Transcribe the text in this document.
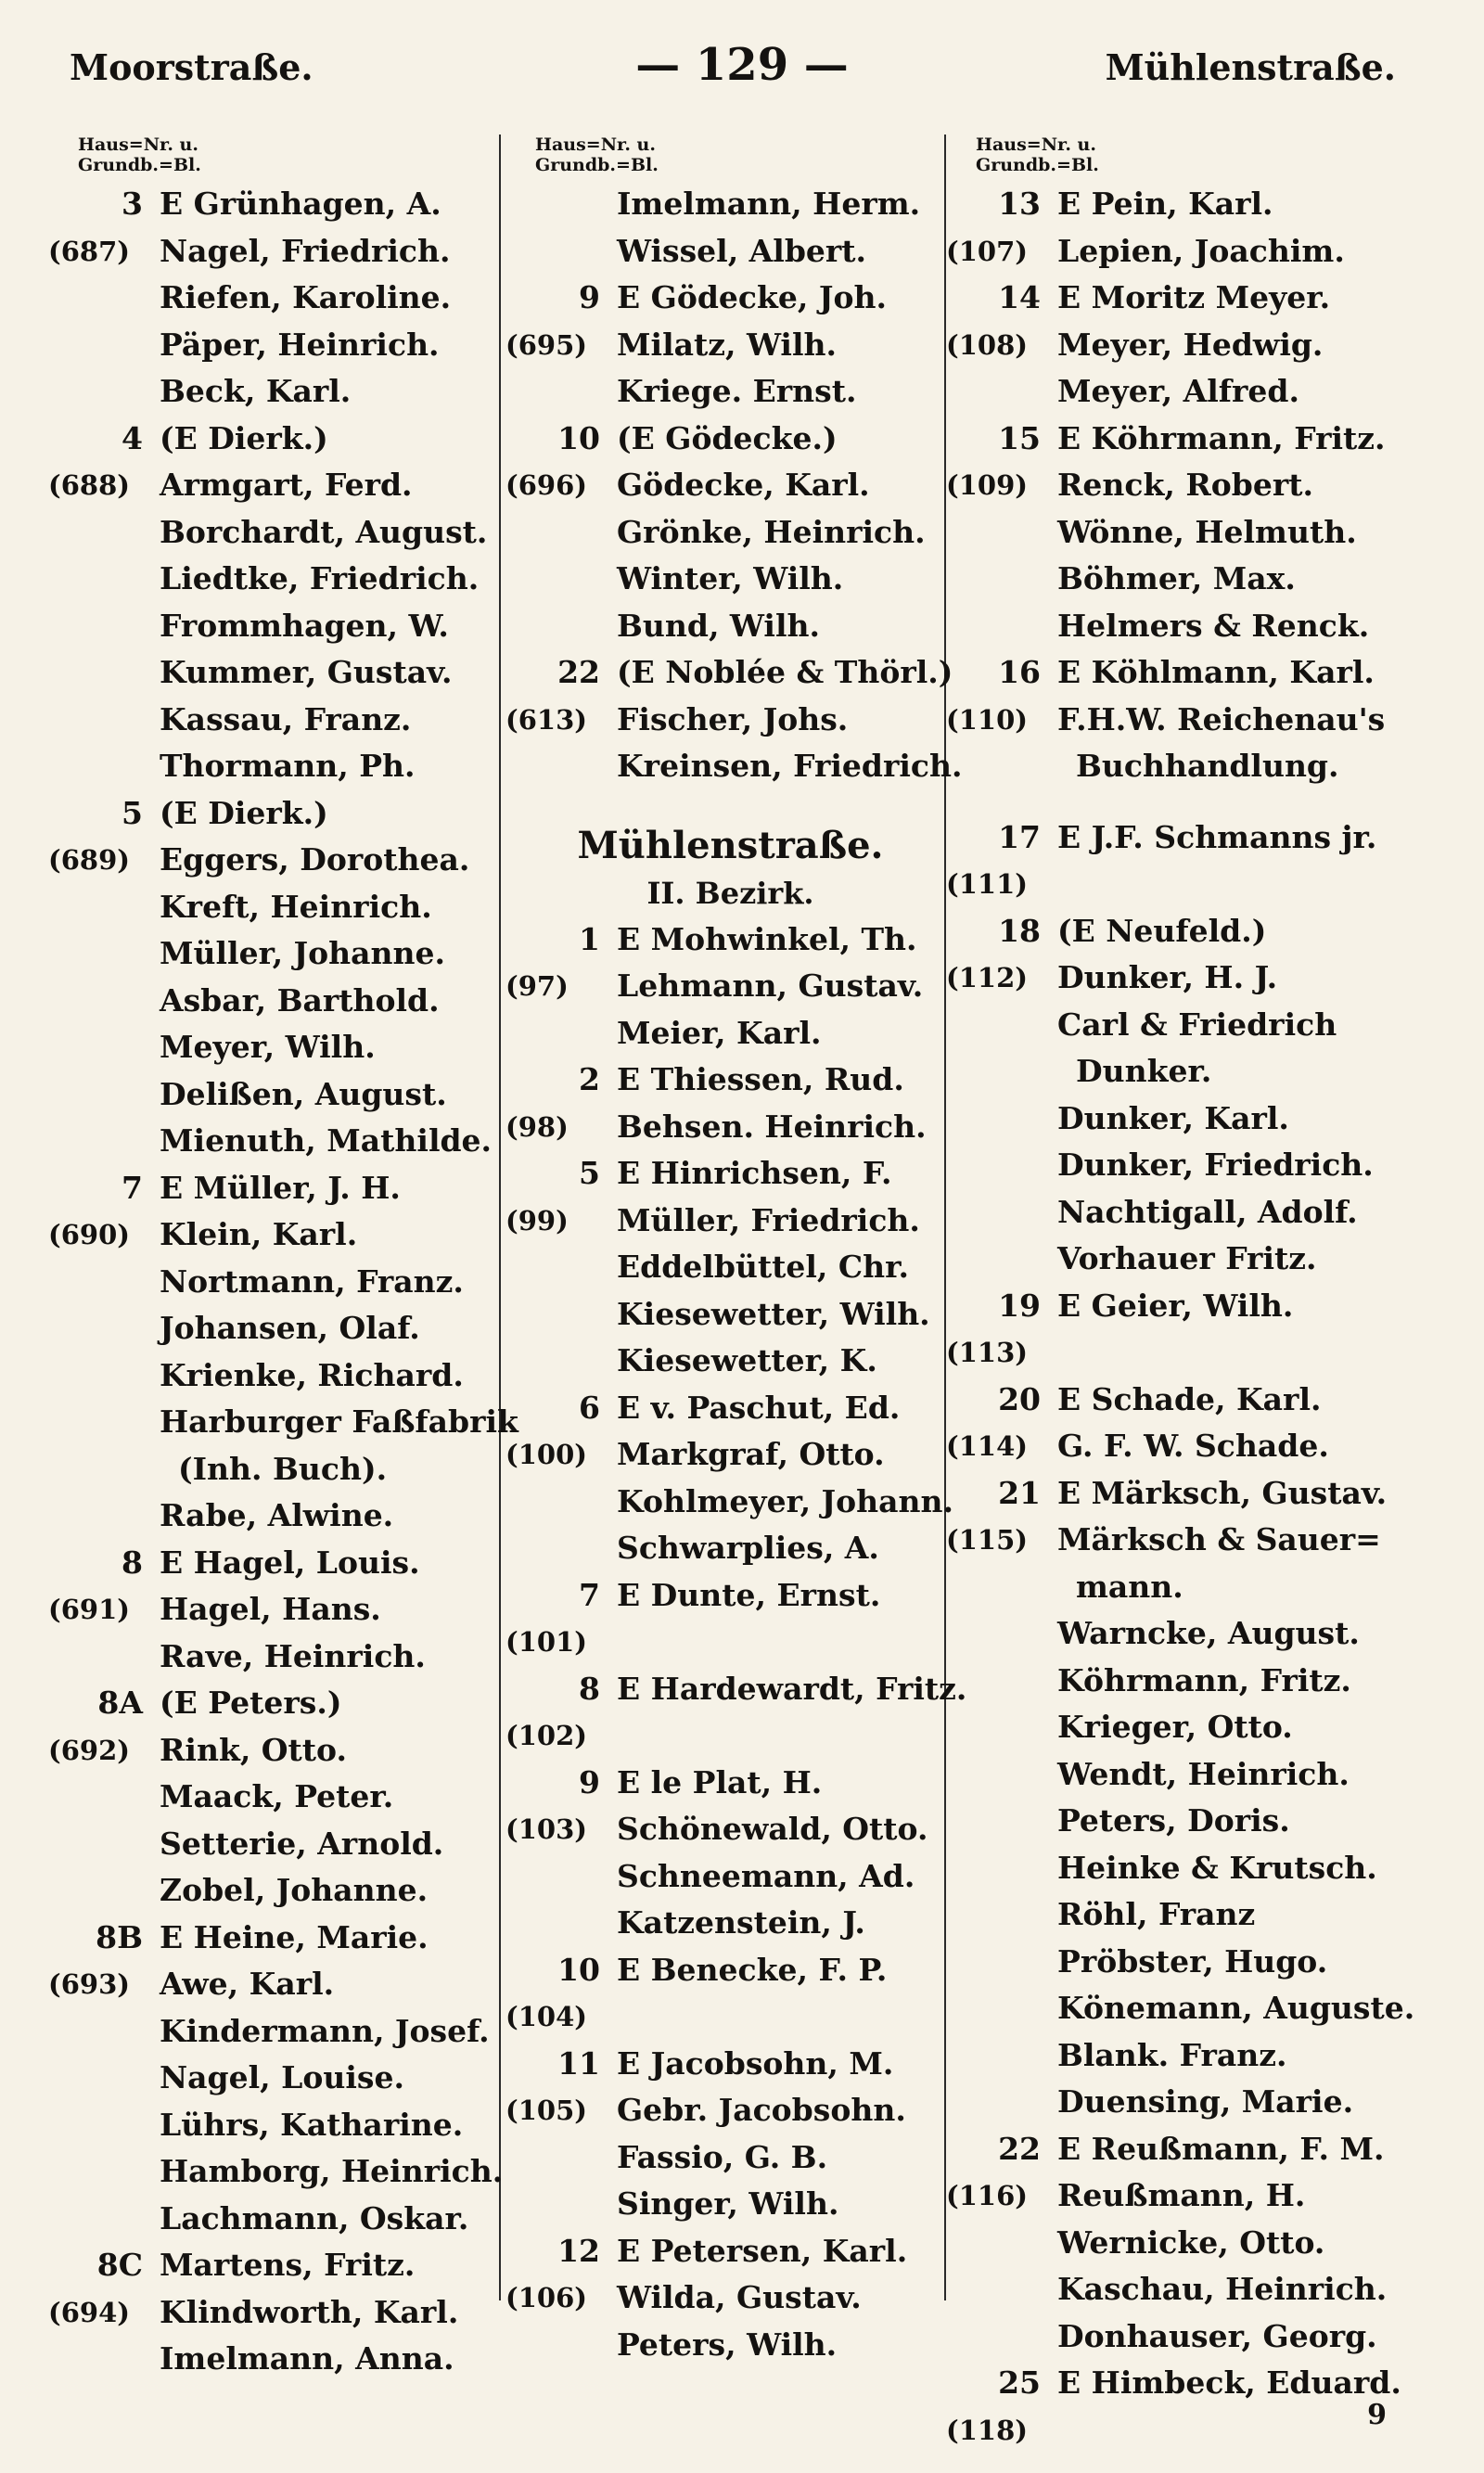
Moorstraße.	— 129 —	Mühlenstraße.
Haus=Nr. u.
Grundb.=Bl.
3 E Grünhagen, A.
(687) Nagel, Friedrich.
Riefen, Karoline.
Päper, Heinrich.
Beck, Karl.
4 (E Dierk.)
(688) Armgart, Ferd.
Borchardt, August.
Liedtke, Friedrich.
Frommhagen, W.
Kummer, Gustav.
Kassau, Franz.
Thormann, Ph.
5 (E Dierk.)
(689) Eggers, Dorothea.
Kreft, Heinrich.
Müller, Johanne.
Asbar, Barthold.
Meyer, Wilh.
Delißen, August.
Mienuth, Mathilde.
7 E Müller, J. H.
(690) Klein, Karl.
Nortmann, Franz.
Johansen, Olaf.
Krienke, Richard.
Harburger Faßfabrik
(Inh. Buch).
Rabe, Alwine.
8 E Hagel, Louis.
(691) Hagel, Hans.
Rave, Heinrich.
8A (E Peters.)
(692) Rink, Otto.
Maack, Peter.
Setterie, Arnold.
Zobel, Johanne.
8B E Heine, Marie.
(693) Awe, Karl.
Kindermann, Josef.
Nagel, Louise.
Lührs, Katharine.
Hamborg, Heinrich.
Lachmann, Oskar.
8C Martens, Fritz.
(694) Klindworth, Karl.
Imelmann, Anna.
Haus=Nr. u.
Grundb.=Bl.
Imelmann, Herm.
Wissel, Albert.
9 E Gödecke, Joh.
(695) Milatz, Wilh.
Kriege. Ernst.
10 (E Gödecke.)
(696) Gödecke, Karl.
Grönke, Heinrich.
Winter, Wilh.
Bund, Wilh.
22 (E Noblée & Thörl.)
(613) Fischer, Johs.
Kreinsen, Friedrich.
Mühlenstraße.
II. Bezirk.
1 E Mohwinkel, Th.
(97)	Lehmann, Gustav.
Meier, Karl.
2 E Thiessen, Rud.
(98)	Behsen. Heinrich.
5 E Hinrichsen, F.
(99)	Müller, Friedrich.
Eddelbüttel, Chr.
Kiesewetter, Wilh.
Kiesewetter, K.
6 E v. Paschut, Ed.
(100) Markgraf, Otto.
Kohlmeyer, Johann.
Schwarplies, A.
7 E Dunte, Ernst.
(101)
8 E Hardewardt, Fritz.
(102)
9 E le Plat, H.
(103) Schönewald, Otto.
Schneemann, Ad.
Katzenstein, J.
10 E Benecke, F. P.
(104)
11 E Jacobsohn, M.
(105) Gebr. Jacobsohn.
Fassio, G. B.
Singer, Wilh.
12 E Petersen, Karl.
(106) Wilda, Gustav.
Peters, Wilh.
Haus=Nr. u.
Grundb.=Bl.
13 E Pein, Karl.
(107) Lepien, Joachim.
14 E Moritz Meyer.
(108) Meyer, Hedwig.
Meyer, Alfred.
15 E Köhrmann, Fritz.
(109) Renck, Robert.
Wönne, Helmuth.
Böhmer, Max.
Helmers & Renck.
16 E Köhlmann, Karl.
(110) F.H.W. Reichenau's
Buchhandlung.
17 E J.F. Schmanns jr.
(111)
18 (E Neufeld.)
(112) Dunker, H. J.
Carl & Friedrich
Dunker.
Dunker, Karl.
Dunker, Friedrich.
Nachtigall, Adolf.
Vorhauer Fritz.
19 E Geier, Wilh.
(113)
20 E Schade, Karl.
(114) G. F. W. Schade.
21 E Märksch, Gustav.
(115) Märksch & Sauer=
mann.
Warncke, August.
Köhrmann, Fritz.
Krieger, Otto.
Wendt, Heinrich.
Peters, Doris.
Heinke & Krutsch.
Röhl, Franz
Pröbster, Hugo.
Könemann, Auguste.
Blank. Franz.
Duensing, Marie.
22 E Reußmann, F. M.
(116) Reußmann, H.
Wernicke, Otto.
Kaschau, Heinrich.
Donhauser, Georg.
25 E Himbeck, Eduard.
(118)	9
